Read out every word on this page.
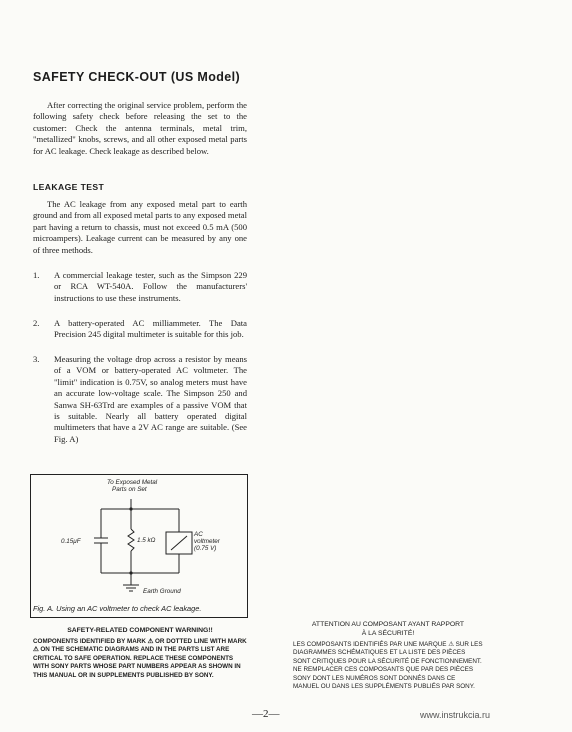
SAFETY CHECK-OUT (US Model)
After correcting the original service problem, perform the following safety check before releasing the set to the customer: Check the antenna terminals, metal trim, "metallized" knobs, screws, and all other exposed metal parts for AC leakage. Check leakage as described below.
LEAKAGE TEST
The AC leakage from any exposed metal part to earth ground and from all exposed metal parts to any exposed metal part having a return to chassis, must not exceed 0.5 mA (500 microampers). Leakage current can be measured by any one of three methods.
1. A commercial leakage tester, such as the Simpson 229 or RCA WT-540A. Follow the manufacturers' instructions to use these instruments.
2. A battery-operated AC milliammeter. The Data Precision 245 digital multimeter is suitable for this job.
3. Measuring the voltage drop across a resistor by means of a VOM or battery-operated AC voltmeter. The "limit" indication is 0.75V, so analog meters must have an accurate low-voltage scale. The Simpson 250 and Sanwa SH-63Trd are examples of a passive VOM that is suitable. Nearly all battery operated digital multimeters that have a 2V AC range are suitable. (See Fig. A)
To Exposed Metal
Parts on Set
0.15μF	1.5 kΩ
AC
voltmeter
(0.75 V)
Earth Ground
Fig. A. Using an AC voltmeter to check AC leakage.
SAFETY-RELATED COMPONENT WARNING!!
COMPONENTS IDENTIFIED BY MARK ⚠ OR DOTTED LINE WITH MARK ⚠ ON THE SCHEMATIC DIAGRAMS AND IN THE PARTS LIST ARE CRITICAL TO SAFE OPERATION. REPLACE THESE COMPONENTS WITH SONY PARTS WHOSE PART NUMBERS APPEAR AS SHOWN IN THIS MANUAL OR IN SUPPLEMENTS PUBLISHED BY SONY.
ATTENTION AU COMPOSANT AYANT RAPPORT
À LA SÉCURITÉ!
LES COMPOSANTS IDENTIFIÉS PAR UNE MARQUE ⚠ SUR LES DIAGRAMMES SCHÉMATIQUES ET LA LISTE DES PIÈCES SONT CRITIQUES POUR LA SÉCURITÉ DE FONCTIONNEMENT. NE REMPLACER CES COMPOSANTS QUE PAR DES PIÈCES SONY DONT LES NUMÉROS SONT DONNÉS DANS CE MANUEL OU DANS LES SUPPLÉMENTS PUBLIÉS PAR SONY.
—2—	www.instrukcia.ru
